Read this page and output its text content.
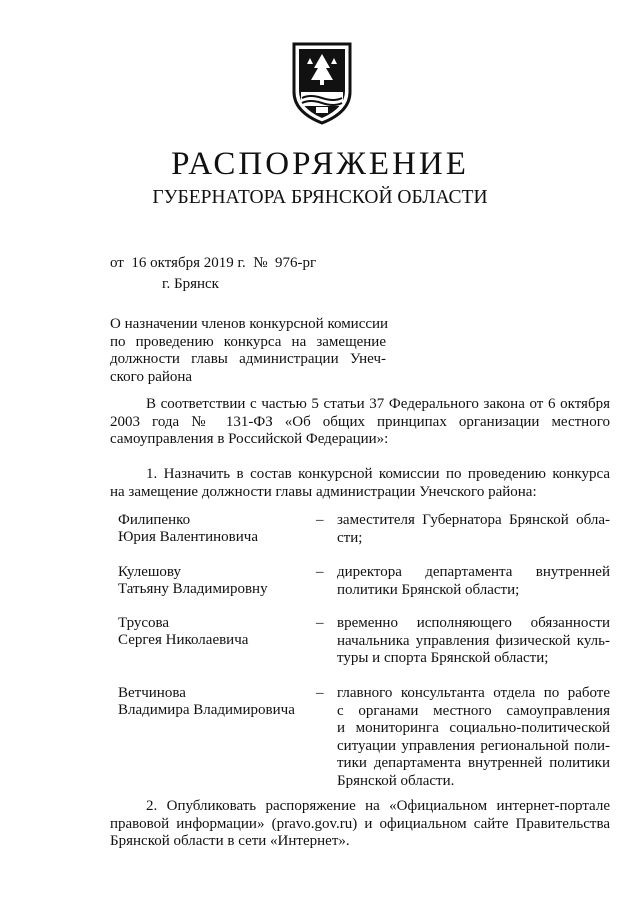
РАСПОРЯЖЕНИЕ
ГУБЕРНАТОРА БРЯНСКОЙ ОБЛАСТИ
от  16 октября 2019 г.  №  976-рг
г. Брянск
О назначении членов конкурсной комиссии
по проведению конкурса на замещение
должности главы администрации Унеч-
ского района
В соответствии с частью 5 статьи 37 Федерального закона от 6 октября
2003 года № 131-ФЗ «Об общих принципах организации местного
самоуправления в Российской Федерации»:
1. Назначить в состав конкурсной комиссии по проведению конкурса
на замещение должности главы администрации Унечского района:
Филипенко
Юрия Валентиновича
– заместителя Губернатора Брянской обла-
сти;
Кулешову
Татьяну Владимировну
– директора департамента внутренней
политики Брянской области;
Трусова
Сергея Николаевича
– временно исполняющего обязанности
начальника управления физической куль-
туры и спорта Брянской области;
Ветчинова
Владимира Владимировича
– главного консультанта отдела по работе
с органами местного самоуправления
и мониторинга социально-политической
ситуации управления региональной поли-
тики департамента внутренней политики
Брянской области.
2. Опубликовать распоряжение на «Официальном интернет-портале
правовой информации» (pravo.gov.ru) и официальном сайте Правительства
Брянской области в сети «Интернет».
